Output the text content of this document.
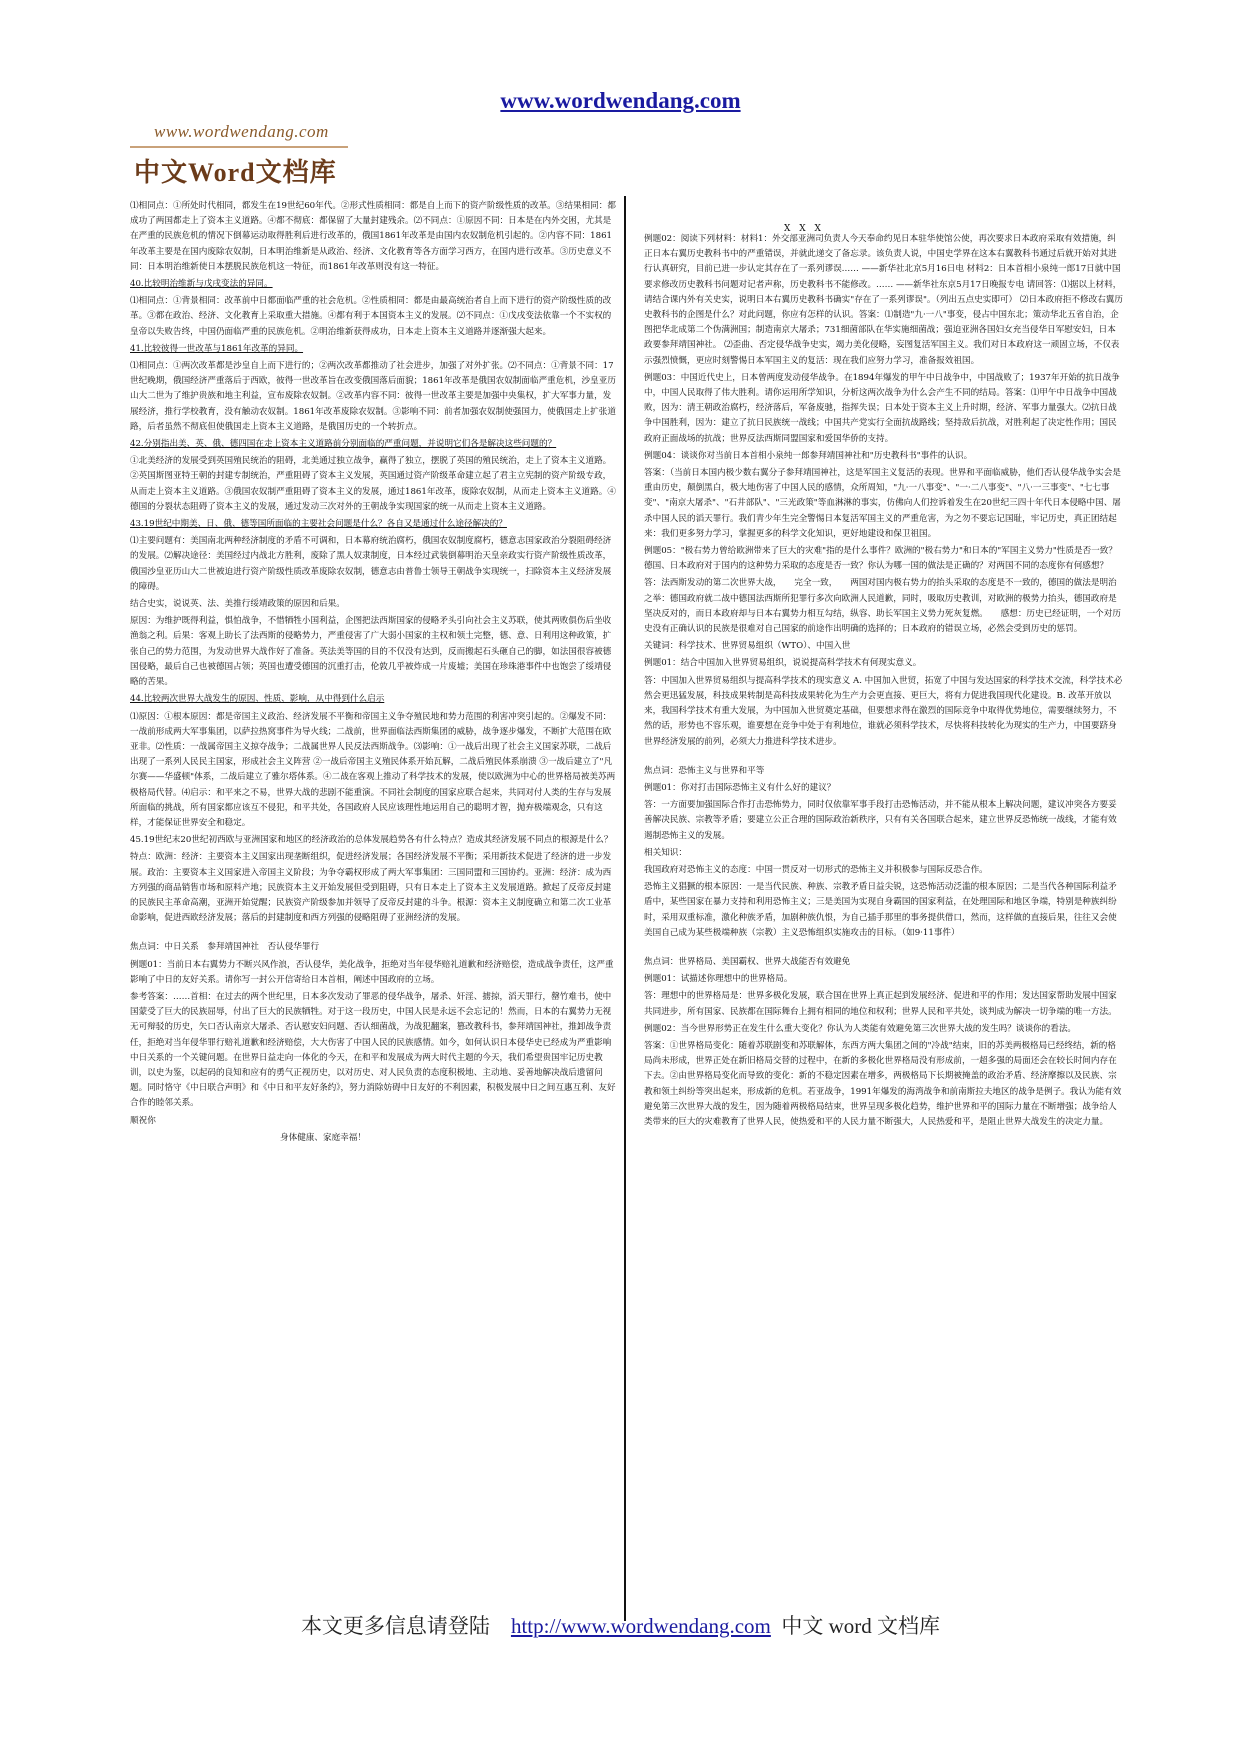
www.wordwendang.com
www.wordwendang.com
中文Word文档库
X X X

⑴相同点：①所处时代相同，都发生在19世纪60年代。②形式性质相同：都是自上而下的资产阶级性质的改革。③结果相同：都成功了两国都走上了资本主义道路。④都不彻底：都保留了大量封建残余。⑵不同点：①原因不同：日本是在内外交困，尤其是在严重的民族危机的情况下倒幕运动取得胜利后进行改革的，俄国1861年改革是由国内农奴制危机引起的。②内容不同：1861年改革主要是在国内废除农奴制，日本明治维新是从政治、经济、文化教育等各方面学习西方，在国内进行改革。③历史意义不同：日本明治维新使日本摆脱民族危机这一特征，而1861年改革则没有这一特征。

40.比较明治维新与戊戌变法的异同。

⑴相同点：①背景相同：改革前中日都面临严重的社会危机。②性质相同：都是由最高统治者自上而下进行的资产阶级性质的改革。③都在政治、经济、文化教育上采取重大措施。④都有利于本国资本主义的发展。⑵不同点：①戊戌变法依靠一个不实权的皇帝以失败告终，中国仍面临严重的民族危机。②明治维新获得成功，日本走上资本主义道路并逐渐强大起来。

41.比较彼得一世改革与1861年改革的异同。

⑴相同点：①两次改革都是沙皇自上而下进行的；②两次改革都推动了社会进步，加强了对外扩张。⑵不同点：①背景不同：17世纪晚期，俄国经济严重落后于西欧，彼得一世改革旨在改变俄国落后面貌；1861年改革是俄国农奴制面临严重危机，沙皇亚历山大二世为了维护贵族和地主利益，宣布废除农奴制。②改革内容不同：彼得一世改革主要是加强中央集权，扩大军事力量，发展经济，推行学校教育，没有触动农奴制。1861年改革废除农奴制。③影响不同：前者加强农奴制使强国力，使俄国走上扩张道路，后者虽然不彻底但使俄国走上资本主义道路，是俄国历史的一个转折点。

42.分别指出美、英、俄、德四国在走上资本主义道路前分别面临的严重问题，并说明它们各是解决这些问题的？

①北美经济的发展受到英国殖民统治的阻碍，北美通过独立战争，赢得了独立，摆脱了英国的殖民统治，走上了资本主义道路。②英国斯图亚特王朝的封建专制统治，严重阻碍了资本主义发展，英国通过资产阶级革命建立起了君主立宪制的资产阶级专政，从而走上资本主义道路。③俄国农奴制严重阻碍了资本主义的发展，通过1861年改革，废除农奴制，从而走上资本主义道路。④德国的分裂状态阻碍了资本主义的发展，通过发动三次对外的王朝战争实现国家的统一从而走上资本主义道路。

43.19世纪中期美、日、俄、德等国所面临的主要社会问题是什么？各自又是通过什么途径解决的？

⑴主要问题有：美国南北两种经济制度的矛盾不可调和，日本幕府统治腐朽，俄国农奴制度腐朽，德意志国家政治分裂阻碍经济的发展。⑵解决途径：美国经过内战北方胜利，废除了黑人奴隶制度，日本经过武装倒幕明治天皇亲政实行资产阶级性质改革，俄国沙皇亚历山大二世被迫进行资产阶级性质改革废除农奴制，德意志由普鲁士领导王朝战争实现统一，扫除资本主义经济发展的障碍。

结合史实，说说英、法、美推行绥靖政策的原因和后果。

原因：为维护既得利益，惧怕战争，不惜牺牲小国利益，企图把法西斯国家的侵略矛头引向社会主义苏联，使其两败俱伤后坐收渔翁之利。后果：客观上助长了法西斯的侵略势力，严重侵害了广大弱小国家的主权和领土完整，德、意、日利用这种政策，扩张自己的势力范围，为发动世界大战作好了准备。英法美等国的目的不仅没有达到，反而搬起石头砸自己的脚，如法国很容被德国侵略，最后自己也被德国占领；英国也遭受德国的沉重打击，伦敦几乎被炸成一片废墟；美国在珍珠港事件中也饱尝了绥靖侵略的苦果。

44.比较两次世界大战发生的原因、性质、影响，从中得到什么启示

⑴原因：①根本原因：都是帝国主义政治、经济发展不平衡和帝国主义争夺殖民地和势力范围的利害冲突引起的。②爆发不同：一战前形成两大军事集团，以萨拉热窝事件为导火线；二战前，世界面临法西斯集团的威胁，战争逐步爆发，不断扩大范围在欧亚非。⑵性质：一战属帝国主义掠夺战争；二战属世界人民反法西斯战争。⑶影响：①一战后出现了社会主义国家苏联，二战后出现了一系列人民民主国家，形成社会主义阵营 ②一战后帝国主义殖民体系开始瓦解，二战后殖民体系崩溃 ③一战后建立了"凡尔赛——华盛顿"体系，二战后建立了雅尔塔体系。④二战在客观上推动了科学技术的发展，使以欧洲为中心的世界格局被美苏两极格局代替。⑷启示：和平来之不易，世界大战的悲剧不能重演。不同社会制度的国家应联合起来，共同对付人类的生存与发展所面临的挑战，所有国家都应该互不侵犯，和平共处，各国政府人民应该理性地运用自己的聪明才智，抛弃极端观念，只有这样，才能保证世界安全和稳定。

45.19世纪末20世纪初西欧与亚洲国家和地区的经济政治的总体发展趋势各有什么特点？造成其经济发展不同点的根源是什么？

特点：欧洲：经济：主要资本主义国家出现垄断组织，促进经济发展；各国经济发展不平衡；采用新技术促进了经济的进一步发展。政治：主要资本主义国家进入帝国主义阶段；为争夺霸权形成了两大军事集团：三国同盟和三国协约。亚洲：经济：成为西方列强的商品销售市场和原料产地；民族资本主义开始发展但受到阻碍，只有日本走上了资本主义发展道路。掀起了反帝反封建的民族民主革命高潮，亚洲开始觉醒；民族资产阶级参加并领导了反帝反封建的斗争。根源：资本主义制度确立和第二次工业革命影响，促进西欧经济发展；落后的封建制度和西方列强的侵略阻碍了亚洲经济的发展。

焦点词：中日关系　参拜靖国神社　否认侵华罪行

例题01：当前日本右翼势力不断兴风作浪，否认侵华，美化战争，拒绝对当年侵华赔礼道歉和经济赔偿，造成战争责任，这严重影响了中日的友好关系。请你写一封公开信寄给日本首相，阐述中国政府的立场。

参考答案：……首相：在过去的两个世纪里，日本多次发动了罪恶的侵华战争，屠杀、奸淫、掳掠，滔天罪行，罄竹难书，使中国蒙受了巨大的民族屈辱，付出了巨大的民族牺牲。对于这一段历史，中国人民是永远不会忘记的！然而，日本的右翼势力无视无可辩驳的历史，矢口否认南京大屠杀、否认慰安妇问题、否认细菌战，为战犯翻案，篡改教科书，参拜靖国神社，推卸战争责任，拒绝对当年侵华罪行赔礼道歉和经济赔偿，大大伤害了中国人民的民族感情。如今，如何认识日本侵华史已经成为严重影响中日关系的一个关键问题。在世界日益走向一体化的今天，在和平和发展成为两大时代主题的今天，我们希望贵国牢记历史教训，以史为鉴，以起码的良知和应有的勇气正视历史，以对历史、对人民负责的态度积极地、主动地、妥善地解决战后遗留问题。同时恪守《中日联合声明》和《中日和平友好条约》，努力消除妨碍中日友好的不利因素，积极发展中日之间互惠互利、友好合作的睦邻关系。

顺祝你

身体健康、家庭幸福！

例题02：阅读下列材料：材料1：外交部亚洲司负责人今天奉命约见日本驻华使馆公使，再次要求日本政府采取有效措施，纠正日本右翼历史教科书中的严重错误，并就此递交了备忘录。该负责人说，中国史学界在这本右翼教科书通过后就开始对其进行认真研究，目前已进一步认定其存在了一系列谬误…… ——新华社北京5月16日电 材料2：日本首相小泉纯一郎17日就中国要求修改历史教科书问题对记者声称，历史教科书不能修改。…… ——新华社东京5月17日晚报专电 请回答：⑴据以上材料，请结合课内外有关史实，说明日本右翼历史教科书确实"存在了一系列谬误"。（列出五点史实即可） ⑵日本政府拒不修改右翼历史教科书的企图是什么？对此问题，你应有怎样的认识。答案：⑴制造"九·一八"事变，侵占中国东北；策动华北五省自治，企图把华北成第二个伪满洲国；制造南京大屠杀；731细菌部队在华实施细菌战；强迫亚洲各国妇女充当侵华日军慰安妇，日本政要参拜靖国神社。 ⑵歪曲、否定侵华战争史实，竭力美化侵略，妄图复活军国主义。我们对日本政府这一顽固立场，不仅表示强烈愤慨，更应时刻警惕日本军国主义的复活：现在我们应努力学习，准备报效祖国。

例题03：中国近代史上，日本曾两度发动侵华战争。在1894年爆发的甲午中日战争中，中国战败了；1937年开始的抗日战争中，中国人民取得了伟大胜利。请你运用所学知识，分析这两次战争为什么会产生不同的结局。答案：⑴甲午中日战争中国战败，因为：清王朝政治腐朽，经济落后，军备废驰，指挥失误；日本处于资本主义上升时期，经济、军事力量强大。⑵抗日战争中国胜利，因为：建立了抗日民族统一战线；中国共产党实行全面抗战路线；坚持敌后抗战，对胜利起了决定性作用；国民政府正面战场的抗战；世界反法西斯同盟国家和爱国华侨的支持。

例题04：谈谈你对当前日本首相小泉纯一郎参拜靖国神社和"历史教科书"事件的认识。

答案：（当前日本国内极少数右翼分子参拜靖国神社，这是军国主义复活的表现。世界和平面临威胁，他们否认侵华战争实会是重由历史，颠倒黑白，极大地伤害了中国人民的感情，众所周知，"九·一八事变"、"一·二八事变"、"八·一三事变"、"七七事变"、"南京大屠杀"、"石井部队"、"三光政策"等血淋淋的事实，仿佛向人们控诉着发生在20世纪三四十年代日本侵略中国、屠杀中国人民的滔天罪行。我们青少年生完全警惕日本复活军国主义的严重危害，为之勿不要忘记国耻，牢记历史，真正团结起来：我们更多努力学习，掌握更多的科学文化知识，更好地建设和保卫祖国。

例题05："极右势力曾给欧洲带来了巨大的灾难"指的是什么事件？欧洲的"极右势力"和日本的"军国主义势力"性质是否一致？德国、日本政府对于国内的这种势力采取的态度是否一致？你认为哪一国的做法是正确的？对两国不同的态度你有何感想？

答：法西斯发动的第二次世界大战，　　完全一致，　　两国对国内极右势力的抬头采取的态度是不一致的，德国的做法是明治之举：德国政府就二战中德国法西斯所犯罪行多次向欧洲人民道歉，同时，吸取历史教训，对欧洲的极势力抬头，德国政府是坚决反对的，而日本政府却与日本右翼势力相互勾结，纵容、助长军国主义势力死灰复燃。　　感想：历史已经证明，一个对历史没有正确认识的民族是很难对自己国家的前途作出明确的选择的；日本政府的错误立场，必然会受到历史的惩罚。

关键词：科学技术、世界贸易组织（WTO）、中国入世

例题01：结合中国加入世界贸易组织，说说提高科学技术有何现实意义。

答：中国加入世界贸易组织与提高科学技术的现实意义 A. 中国加入世贸，拓宽了中国与发达国家的科学技术交流，科学技术必然会更迅猛发展，科技成果转制是高科技成果转化为生产力会更直接、更巨大，将有力促进我国现代化建设。B. 改革开放以来，我国科学技术有重大发展，为中国加入世贸奠定基础，但要想求得在激烈的国际竞争中取得优势地位，需要继续努力，不然的话，形势也不容乐观，谁要想在竞争中处于有利地位，谁就必须科学技术，尽快将科技转化为现实的生产力，中国要跻身世界经济发展的前列，必须大力推进科学技术进步。

焦点词：恐怖主义与世界和平等

例题01：你对打击国际恐怖主义有什么好的建议？

答：一方面要加强国际合作打击恐怖势力，同时仅依靠军事手段打击恐怖活动，并不能从根本上解决问题，建议冲突各方要妥善解决民族、宗教等矛盾；要建立公正合理的国际政治新秩序，只有有关各国联合起来，建立世界反恐怖统一战线，才能有效遏制恐怖主义的发展。

相关知识：

我国政府对恐怖主义的态度：中国一贯反对一切形式的恐怖主义并积极参与国际反恐合作。

恐怖主义猖獗的根本原因：一是当代民族、种族、宗教矛盾日益尖锐，这恐怖活动泛滥的根本原因；二是当代各种国际利益矛盾中，某些国家在暴力支持和利用恐怖主义；三是美国为实现自身霸国的国家利益，在处理国际和地区争端，特别是种族纠纷时，采用双重标准，激化种族矛盾，加剧种族仇恨，为自己插手那里的事务提供借口，然而，这样做的直接后果，往往又会使美国自己成为某些极端种族（宗教）主义恐怖组织实施攻击的目标。（如9·11事件）

焦点词：世界格局、美国霸权、世界大战能否有效避免

例题01：试描述你理想中的世界格局。

答：理想中的世界格局是：世界多极化发展，联合国在世界上真正起到发展经济、促进和平的作用；发达国家帮助发展中国家共同进步，所有国家、民族都在国际舞台上拥有相同的地位和权利；世界人民和平共处，谈判成为解决一切争端的唯一方法。

例题02：当今世界形势正在发生什么重大变化？你认为人类能有效避免第三次世界大战的发生吗？谈谈你的看法。

答案：①世界格局变化：随着苏联剧变和苏联解体，东西方两大集团之间的"冷战"结束，旧的苏美两极格局已经终结，新的格局尚未形成，世界正处在新旧格局交替的过程中，在新的多极化世界格局没有形成前，一超多强的局面还会在较长时间内存在下去。②由世界格局变化而导致的变化：新的不稳定因素在增多，两极格局下长期被掩盖的政治矛盾、经济摩擦以及民族、宗教和领土纠纷等突出起来，形成新的危机。若亚战争，1991年爆发的海湾战争和前南斯拉夫地区的战争是例子。我认为能有效避免第三次世界大战的发生，因为随着两极格局结束，世界呈现多极化趋势，维护世界和平的国际力量在不断增强；战争给人类带来的巨大的灾难教育了世界人民，使热爱和平的人民力量不断强大，人民热爱和平，是阻止世界大战发生的决定力量。

本文更多信息请登陆 http://www.wordwendang.com 中文 word 文档库
